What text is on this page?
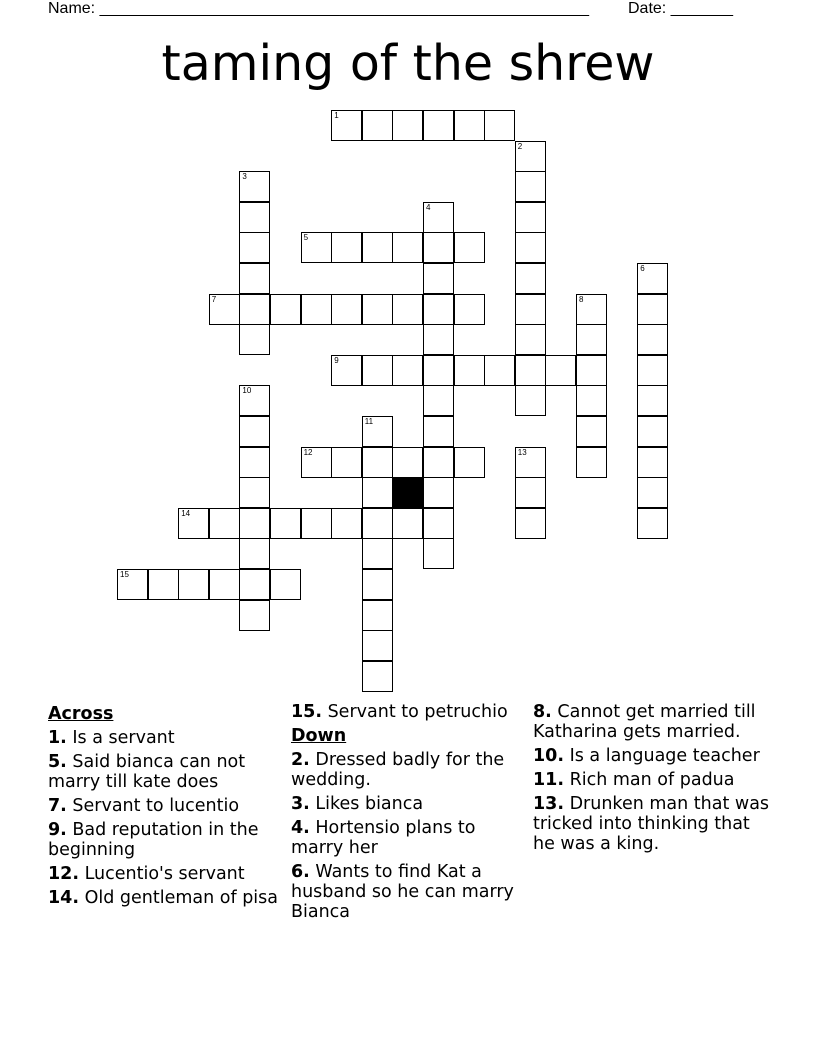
Name: _______________________________________________________ Date: _______
taming of the shrew
1
2
3
4
5
6
7	8
9
10
11
12	13
14
15
Across
1. Is a servant
5. Said bianca can not marry till kate does
7. Servant to lucentio
9. Bad reputation in the beginning
12. Lucentio's servant
14. Old gentleman of pisa
15. Servant to petruchio
Down
2. Dressed badly for the wedding.
3. Likes bianca
4. Hortensio plans to marry her
6. Wants to find Kat a husband so he can marry Bianca
8. Cannot get married till Katharina gets married.
10. Is a language teacher
11. Rich man of padua
13. Drunken man that was tricked into thinking that he was a king.
